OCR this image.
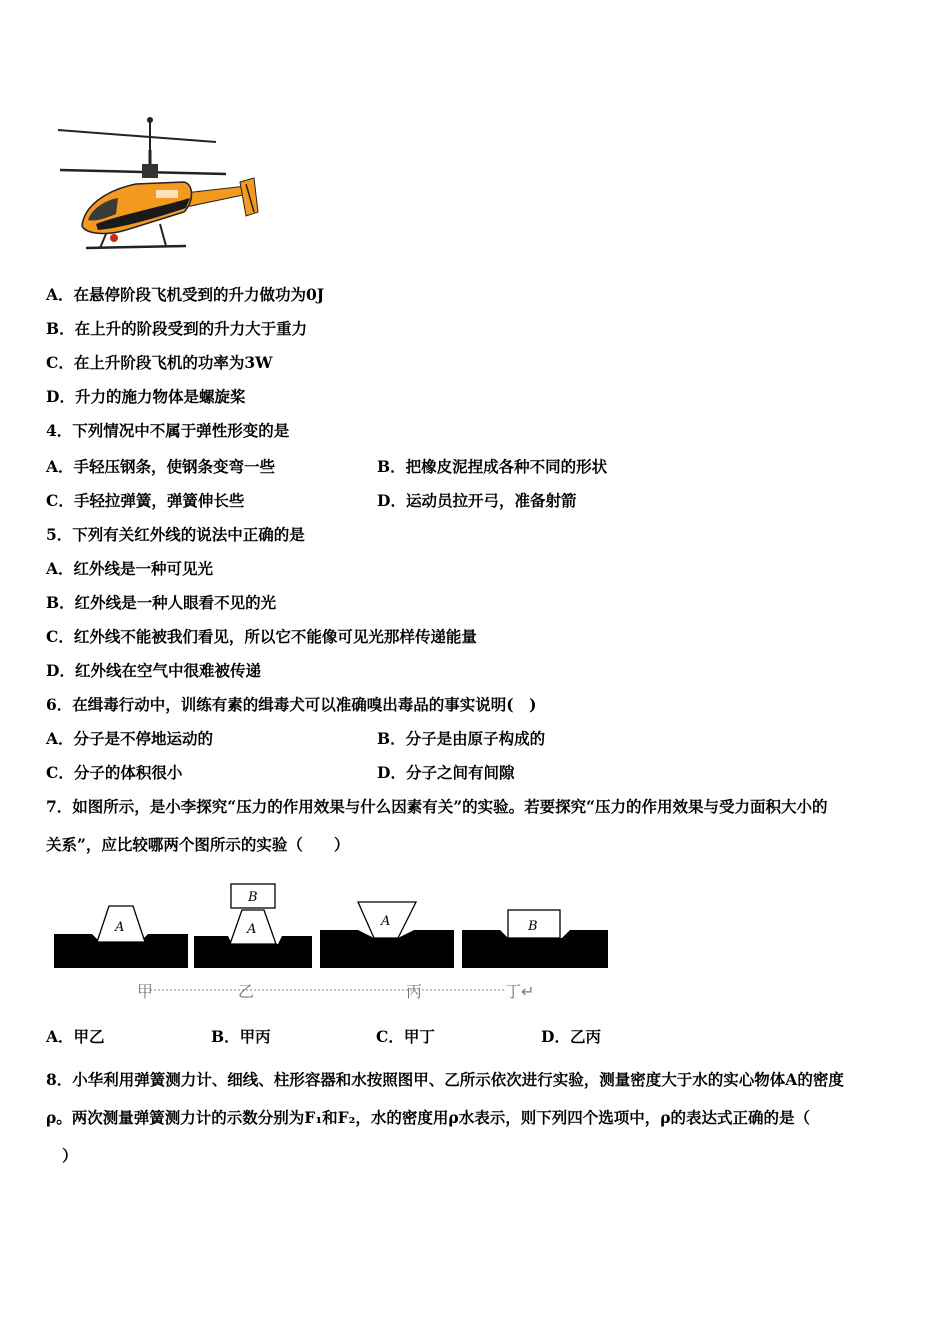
A．在悬停阶段飞机受到的升力做功为0J
B．在上升的阶段受到的升力大于重力
C．在上升阶段飞机的功率为3W
D．升力的施力物体是螺旋桨
4．下列情况中不属于弹性形变的是
A．手轻压钢条，使钢条变弯一些	B．把橡皮泥捏成各种不同的形状
C．手轻拉弹簧，弹簧伸长些	D．运动员拉开弓，准备射箭
5．下列有关红外线的说法中正确的是
A．红外线是一种可见光
B．红外线是一种人眼看不见的光
C．红外线不能被我们看见，所以它不能像可见光那样传递能量
D．红外线在空气中很难被传递
6．在缉毒行动中，训练有素的缉毒犬可以准确嗅出毒品的事实说明(　)
A．分子是不停地运动的	B．分子是由原子构成的
C．分子的体积很小	D．分子之间有间隙
7．如图所示，是小李探究“压力的作用效果与什么因素有关”的实验。若要探究“压力的作用效果与受力面积大小的
关系”，应比较哪两个图所示的实验（　　）
A	A
B
A	B
甲	乙	丙	丁↵
A．甲乙	B．甲丙	C．甲丁	D．乙丙
8．小华利用弹簧测力计、细线、柱形容器和水按照图甲、乙所示依次进行实验，测量密度大于水的实心物体A的密度
ρ。两次测量弹簧测力计的示数分别为F₁和F₂，水的密度用ρ水表示，则下列四个选项中，ρ的表达式正确的是（
）
